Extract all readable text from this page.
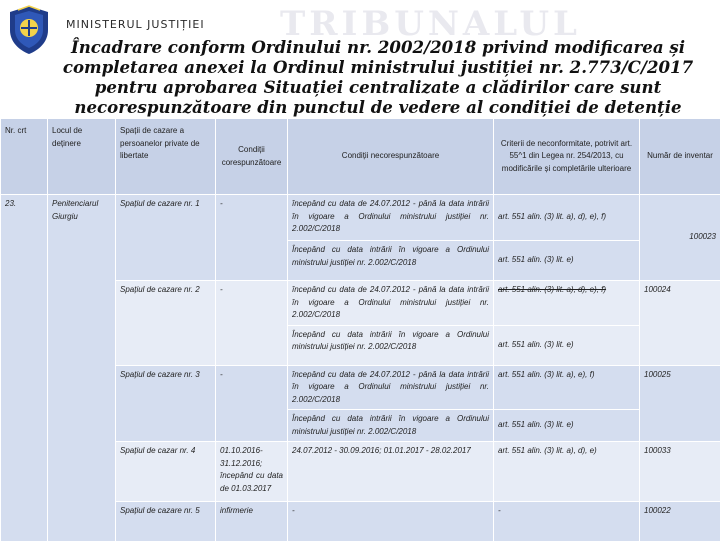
TRIBUNALUL
MINISTERUL JUSTIȚIEI
Încadrare conform Ordinului nr. 2002/2018 privind modificarea și
completarea anexei la Ordinul ministrului justiției nr. 2.773/C/2017
pentru aprobarea Situației centralizate a clădirilor care sunt
necorespunzătoare din punctul de vedere al condiției de detenție
Nr. crt	Locul de deținere	Spații de cazare a persoanelor private de libertate	Condiții corespunzătoare	Condiții necorespunzătoare	Criterii de neconformitate, potrivit art. 55^1 din Legea nr. 254/2013, cu modificările și completările ulterioare	Număr de inventar
23.	Penitenciarul Giurgiu	Spațiul de cazare nr. 1	-	începând cu data de 24.07.2012 - până la data intrării în vigoare a Ordinului ministrului justiției nr. 2.002/C/2018	art. 551 alin. (3) lit. a), d), e), f)	100023
				Începând cu data intrării în vigoare a Ordinului ministrului justiției nr. 2.002/C/2018	art. 551 alin. (3) lit. e)	
		Spațiul de cazare nr. 2	-	începând cu data de 24.07.2012 - până la data intrării în vigoare a Ordinului ministrului justiției nr. 2.002/C/2018	art. 551 alin. (3) lit. a), d), e), f)	100024
				Începând cu data intrării în vigoare a Ordinului ministrului justiției nr. 2.002/C/2018	art. 551 alin. (3) lit. e)	
		Spațiul de cazare nr. 3	-	începând cu data de 24.07.2012 - până la data intrării în vigoare a Ordinului ministrului justiției nr. 2.002/C/2018	art. 551 alin. (3) lit. a), e), f)	100025
				Începând cu data intrării în vigoare a Ordinului ministrului justiției nr. 2.002/C/2018	art. 551 alin. (3) lit. e)	
		Spațiul de cazar nr. 4	01.10.2016-31.12.2016; începând cu data de 01.03.2017	24.07.2012 - 30.09.2016; 01.01.2017 - 28.02.2017	art. 551 alin. (3) lit. a), d), e)	100033
		Spațiul de cazare nr. 5	infirmerie	-	-	100022
